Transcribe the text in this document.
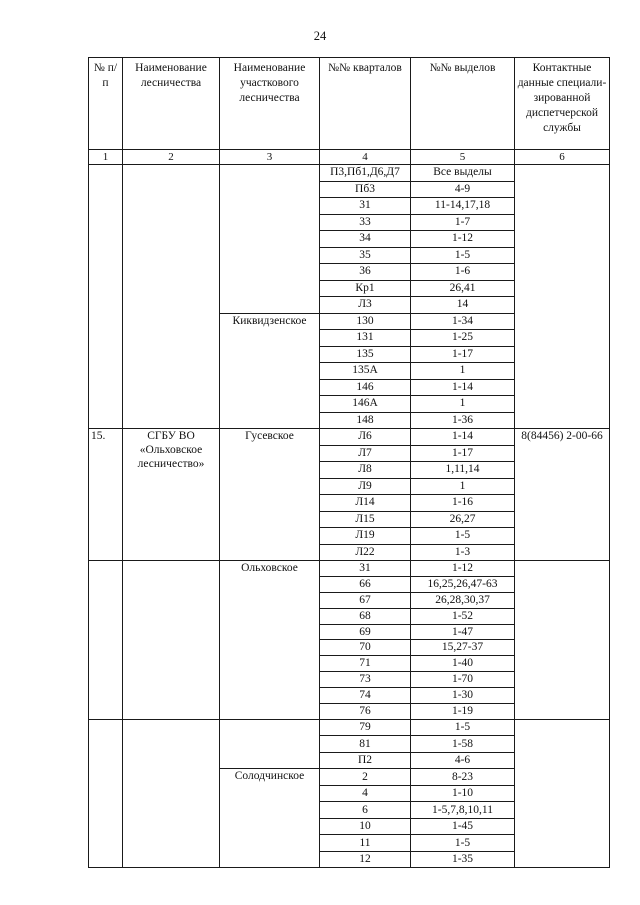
24
№ п/п	Наименование лесничества	Наименование участкового лесничества	№№ кварталов	№№ выделов	Контактные данные специали-зированной диспетчерской службы
1	2	3	4	5	6
			П3,Пб1,Д6,Д7	Все выделы	
			Пб3	4-9	
			31	11-14,17,18	
			33	1-7	
			34	1-12	
			35	1-5	
			36	1-6	
			Кр1	26,41	
			Л3	14	
		Киквидзенское	130	1-34	
			131	1-25	
			135	1-17	
			135А	1	
			146	1-14	
			146А	1	
			148	1-36	
15.	СГБУ ВО «Ольховское лесничество»	Гусевское	Л6	1-14	8(84456) 2-00-66
			Л7	1-17	
			Л8	1,11,14	
			Л9	1	
			Л14	1-16	
			Л15	26,27	
			Л19	1-5	
			Л22	1-3	
		Ольховское	31	1-12	
			66	16,25,26,47-63	
			67	26,28,30,37	
			68	1-52	
			69	1-47	
			70	15,27-37	
			71	1-40	
			73	1-70	
			74	1-30	
			76	1-19	
			79	1-5	
			81	1-58	
			П2	4-6	
		Солодчинское	2	8-23	
			4	1-10	
			6	1-5,7,8,10,11	
			10	1-45	
			11	1-5	
			12	1-35	
